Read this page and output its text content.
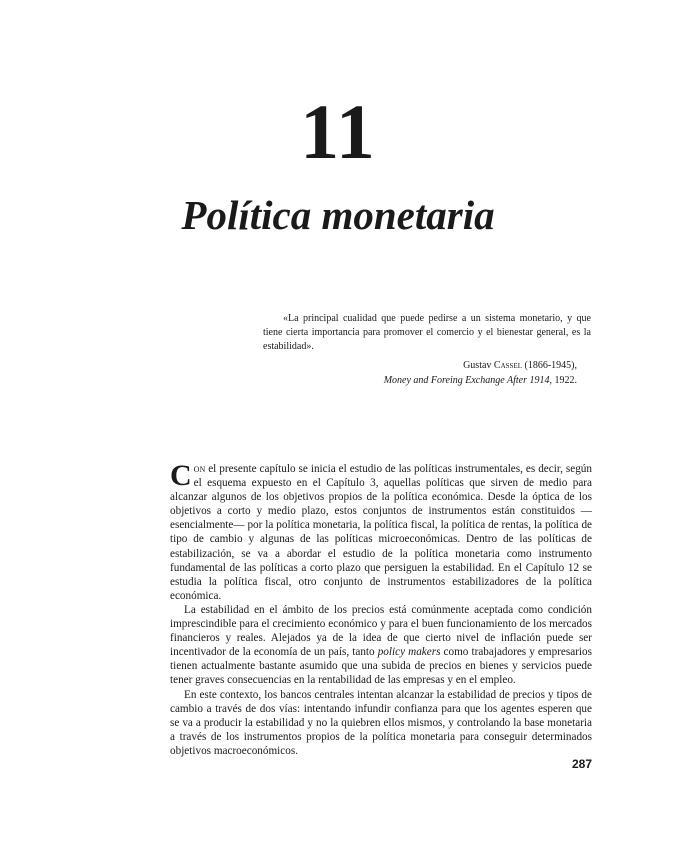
11
Política monetaria

«La principal cualidad que puede pedirse a un sistema monetario, y que tiene cierta importancia para promover el comercio y el bienestar general, es la estabilidad».

Gustav Cassel (1866-1945),
Money and Foreing Exchange After 1914, 1922.

Con el presente capítulo se inicia el estudio de las políticas instrumentales, es decir, según el esquema expuesto en el Capítulo 3, aquellas políticas que sirven de medio para alcanzar algunos de los objetivos propios de la política económica. Desde la óptica de los objetivos a corto y medio plazo, estos conjuntos de instrumentos están constituidos —esencialmente— por la política monetaria, la política fiscal, la política de rentas, la política de tipo de cambio y algunas de las políticas microeconómicas. Dentro de las políticas de estabilización, se va a abordar el estudio de la política monetaria como instrumento fundamental de las políticas a corto plazo que persiguen la estabilidad. En el Capítulo 12 se estudia la política fiscal, otro conjunto de instrumentos estabilizadores de la política económica.

La estabilidad en el ámbito de los precios está comúnmente aceptada como condición imprescindible para el crecimiento económico y para el buen funcionamiento de los mercados financieros y reales. Alejados ya de la idea de que cierto nivel de inflación puede ser incentivador de la economía de un país, tanto policy makers como trabajadores y empresarios tienen actualmente bastante asumido que una subida de precios en bienes y servicios puede tener graves consecuencias en la rentabilidad de las empresas y en el empleo.

En este contexto, los bancos centrales intentan alcanzar la estabilidad de precios y tipos de cambio a través de dos vías: intentando infundir confianza para que los agentes esperen que se va a producir la estabilidad y no la quiebren ellos mismos, y controlando la base monetaria a través de los instrumentos propios de la política monetaria para conseguir determinados objetivos macroeconómicos.

287
